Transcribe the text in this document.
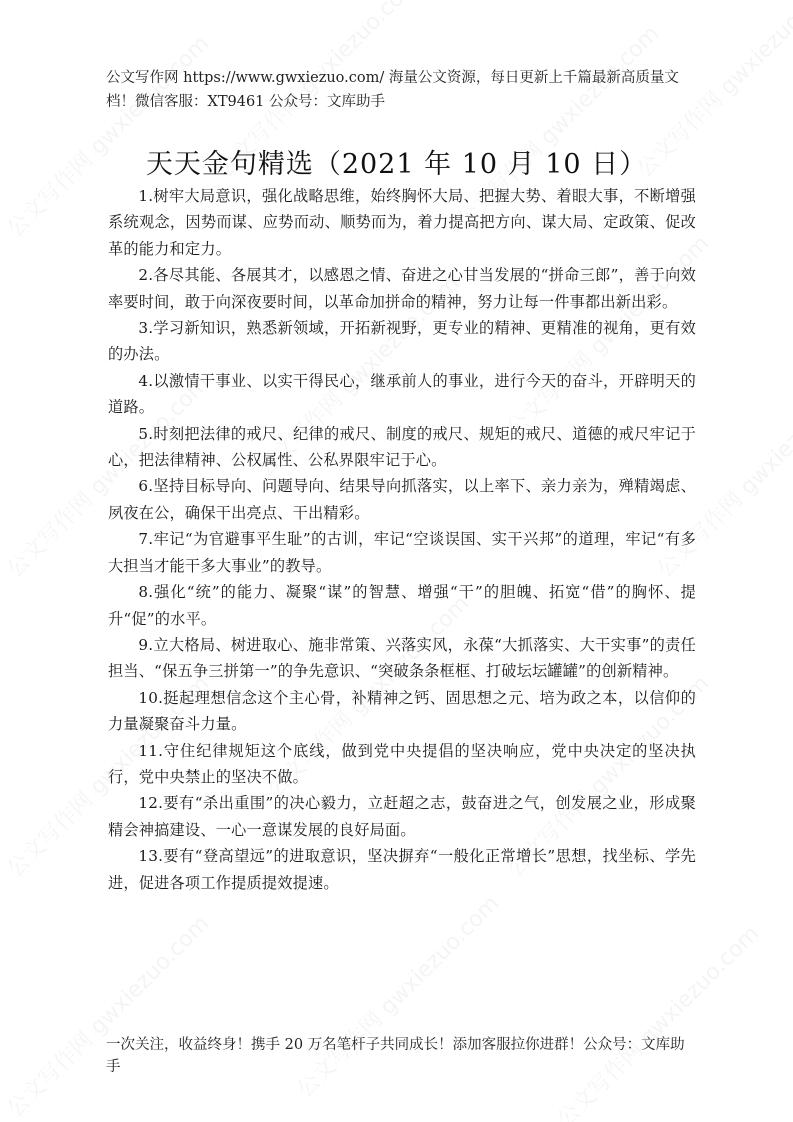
公文写作网 https://www.gwxiezuo.com/ 海量公文资源，每日更新上千篇最新高质量文档！微信客服：XT9461 公众号：文库助手
天天金句精选（2021 年 10 月 10 日）

1.树牢大局意识，强化战略思维，始终胸怀大局、把握大势、着眼大事，不断增强系统观念，因势而谋、应势而动、顺势而为，着力提高把方向、谋大局、定政策、促改革的能力和定力。

2.各尽其能、各展其才，以感恩之情、奋进之心甘当发展的“拼命三郎”，善于向效率要时间，敢于向深夜要时间，以革命加拼命的精神，努力让每一件事都出新出彩。

3.学习新知识，熟悉新领域，开拓新视野，更专业的精神、更精准的视角，更有效的办法。

4.以激情干事业、以实干得民心，继承前人的事业，进行今天的奋斗，开辟明天的道路。

5.时刻把法律的戒尺、纪律的戒尺、制度的戒尺、规矩的戒尺、道德的戒尺牢记于心，把法律精神、公权属性、公私界限牢记于心。

6.坚持目标导向、问题导向、结果导向抓落实，以上率下、亲力亲为，殚精竭虑、夙夜在公，确保干出亮点、干出精彩。

7.牢记“为官避事平生耻”的古训，牢记“空谈误国、实干兴邦”的道理，牢记“有多大担当才能干多大事业”的教导。

8.强化“统”的能力、凝聚“谋”的智慧、增强“干”的胆魄、拓宽“借”的胸怀、提升“促”的水平。

9.立大格局、树进取心、施非常策、兴落实风，永葆“大抓落实、大干实事”的责任担当、“保五争三拼第一”的争先意识、“突破条条框框、打破坛坛罐罐”的创新精神。

10.挺起理想信念这个主心骨，补精神之钙、固思想之元、培为政之本，以信仰的力量凝聚奋斗力量。

11.守住纪律规矩这个底线，做到党中央提倡的坚决响应，党中央决定的坚决执行，党中央禁止的坚决不做。

12.要有“杀出重围”的决心毅力，立赶超之志，鼓奋进之气，创发展之业，形成聚精会神搞建设、一心一意谋发展的良好局面。

13.要有“登高望远”的进取意识，坚决摒弃“一般化正常增长”思想，找坐标、学先进，促进各项工作提质提效提速。

一次关注，收益终身！携手 20 万名笔杆子共同成长！添加客服拉你进群！公众号：文库助手
